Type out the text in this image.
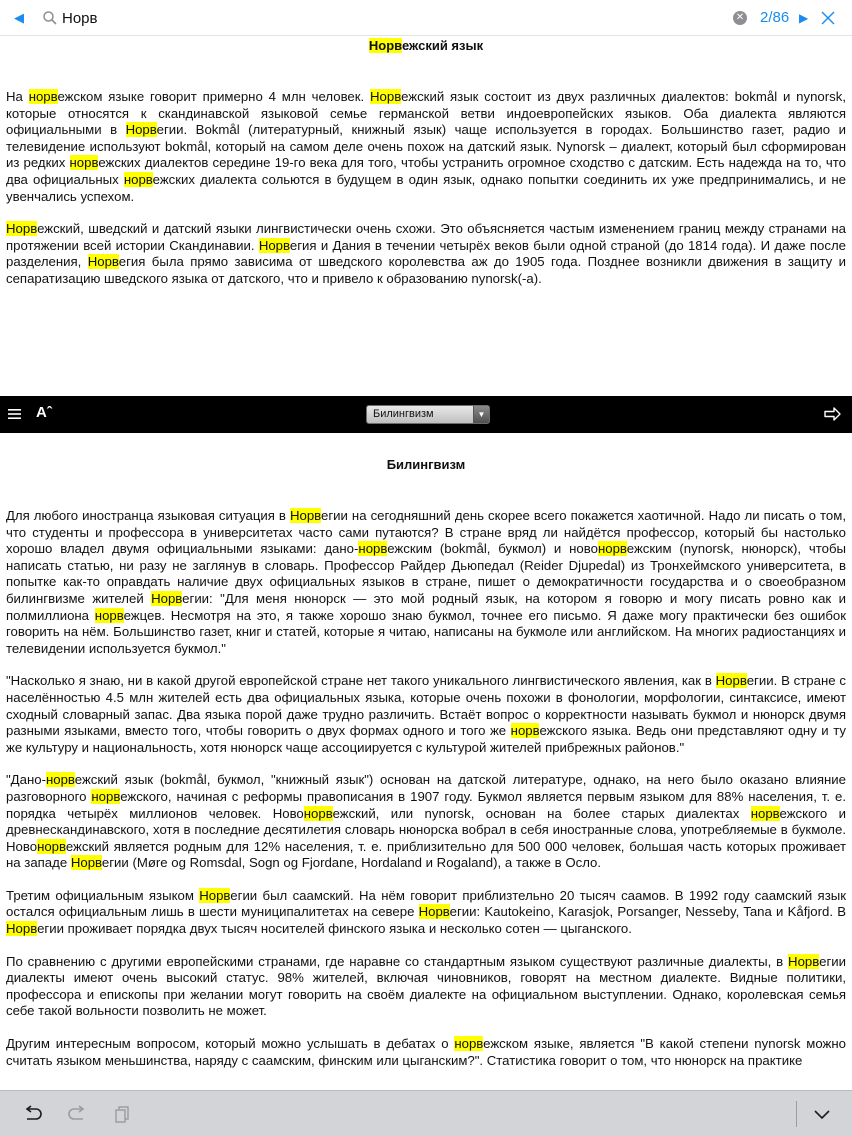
◀
Норв	✕ 2/86 ▶
Норвежский язык

На норвежском языке говорит примерно 4 млн человек. Норвежский язык состоит из двух различных диалектов: bokmål и nynorsk, которые относятся к скандинавской языковой семье германской ветви индоевропейских языков. Оба диалекта являются официальными в Норвегии. Bokmål (литературный, книжный язык) чаще используется в городах. Большинство газет, радио и телевидение используют bokmål, который на самом деле очень похож на датский язык. Nynorsk – диалект, который был сформирован из редких норвежских диалектов середине 19-го века для того, чтобы устранить огромное сходство с датским. Есть надежда на то, что два официальных норвежских диалекта сольются в будущем в один язык, однако попытки соединить их уже предпринимались, и не увенчались успехом.

Норвежский, шведский и датский языки лингвистически очень схожи. Это объясняется частым изменением границ между странами на протяжении всей истории Скандинавии. Норвегия и Дания в течении четырёх веков были одной страной (до 1814 года). И даже после разделения, Норвегия была прямо зависима от шведского королевства аж до 1905 года. Позднее возникли движения в защиту и сепаратизацию шведского языка от датского, что и привело к образованию nynorsk(-a).

Aˆ	Билингвизм	▼
Билингвизм

Для любого иностранца языковая ситуация в Норвегии на сегодняшний день скорее всего покажется хаотичной. Надо ли писать о том, что студенты и профессора в университетах часто сами путаются? В стране вряд ли найдётся профессор, который бы настолько хорошо владел двумя официальными языками: дано-норвежским (bokmål, букмол) и новонорвежским (nynorsk, нюнорск), чтобы написать статью, ни разу не заглянув в словарь. Профессор Райдер Дьюпедал (Reider Djupedal) из Тронхеймского университета, в попытке как-то оправдать наличие двух официальных языков в стране, пишет о демократичности государства и о своеобразном билингвизме жителей Норвегии: "Для меня нюнорск — это мой родный язык, на котором я говорю и могу писать ровно как и полмиллиона норвежцев. Несмотря на это, я также хорошо знаю букмол, точнее его письмо. Я даже могу практически без ошибок говорить на нём. Большинство газет, книг и статей, которые я читаю, написаны на букмоле или английском. На многих радиостанциях и телевидении используется букмол."

"Насколько я знаю, ни в какой другой европейской стране нет такого уникального лингвистического явления, как в Норвегии. В стране с населённостью 4.5 млн жителей есть два официальных языка, которые очень похожи в фонологии, морфологии, синтаксисе, имеют сходный словарный запас. Два языка порой даже трудно различить. Встаёт вопрос о корректности называть букмол и нюнорск двумя разными языками, вместо того, чтобы говорить о двух формах одного и того же норвежского языка. Ведь они представляют одну и ту же культуру и национальность, хотя нюнорск чаще ассоциируется с культурой жителей прибрежных районов."

"Дано-норвежский язык (bokmål, букмол, "книжный язык") основан на датской литературе, однако, на него было оказано влияние разговорного норвежского, начиная с реформы правописания в 1907 году. Букмол является первым языком для 88% населения, т. е. порядка четырёх миллионов человек. Новонорвежский, или nynorsk, основан на более старых диалектах норвежского и древнескандинавского, хотя в последние десятилетия словарь нюнорска вобрал в себя иностранные слова, употребляемые в букмоле. Новонорвежский является родным для 12% населения, т. е. приблизительно для 500 000 человек, большая часть которых проживает на западе Норвегии (Møre og Romsdal, Sogn og Fjordane, Hordaland и Rogaland), а также в Осло.

Третим официальным языком Норвегии был саамский. На нём говорит приблизтельно 20 тысяч саамов. В 1992 году саамский язык остался официальным лишь в шести муниципалитетах на севере Норвегии: Kautokeino, Karasjok, Porsanger, Nesseby, Tana и Kåfjord. В Норвегии проживает порядка двух тысяч носителей финского языка и несколько сотен — цыганского.

По сравнению с другими европейскими странами, где наравне со стандартным языком существуют различные диалекты, в Норвегии диалекты имеют очень высокий статус. 98% жителей, включая чиновников, говорят на местном диалекте. Видные политики, профессора и епископы при желании могут говорить на своём диалекте на официальном выступлении. Однако, королевская семья себе такой вольности позволить не может.

Другим интересным вопросом, который можно услышать в дебатах о норвежском языке, является "В какой степени nynorsk можно считать языком меньшинства, наряду с саамским, финским или цыганским?". Статистика говорит о том, что нюнорск на практике
